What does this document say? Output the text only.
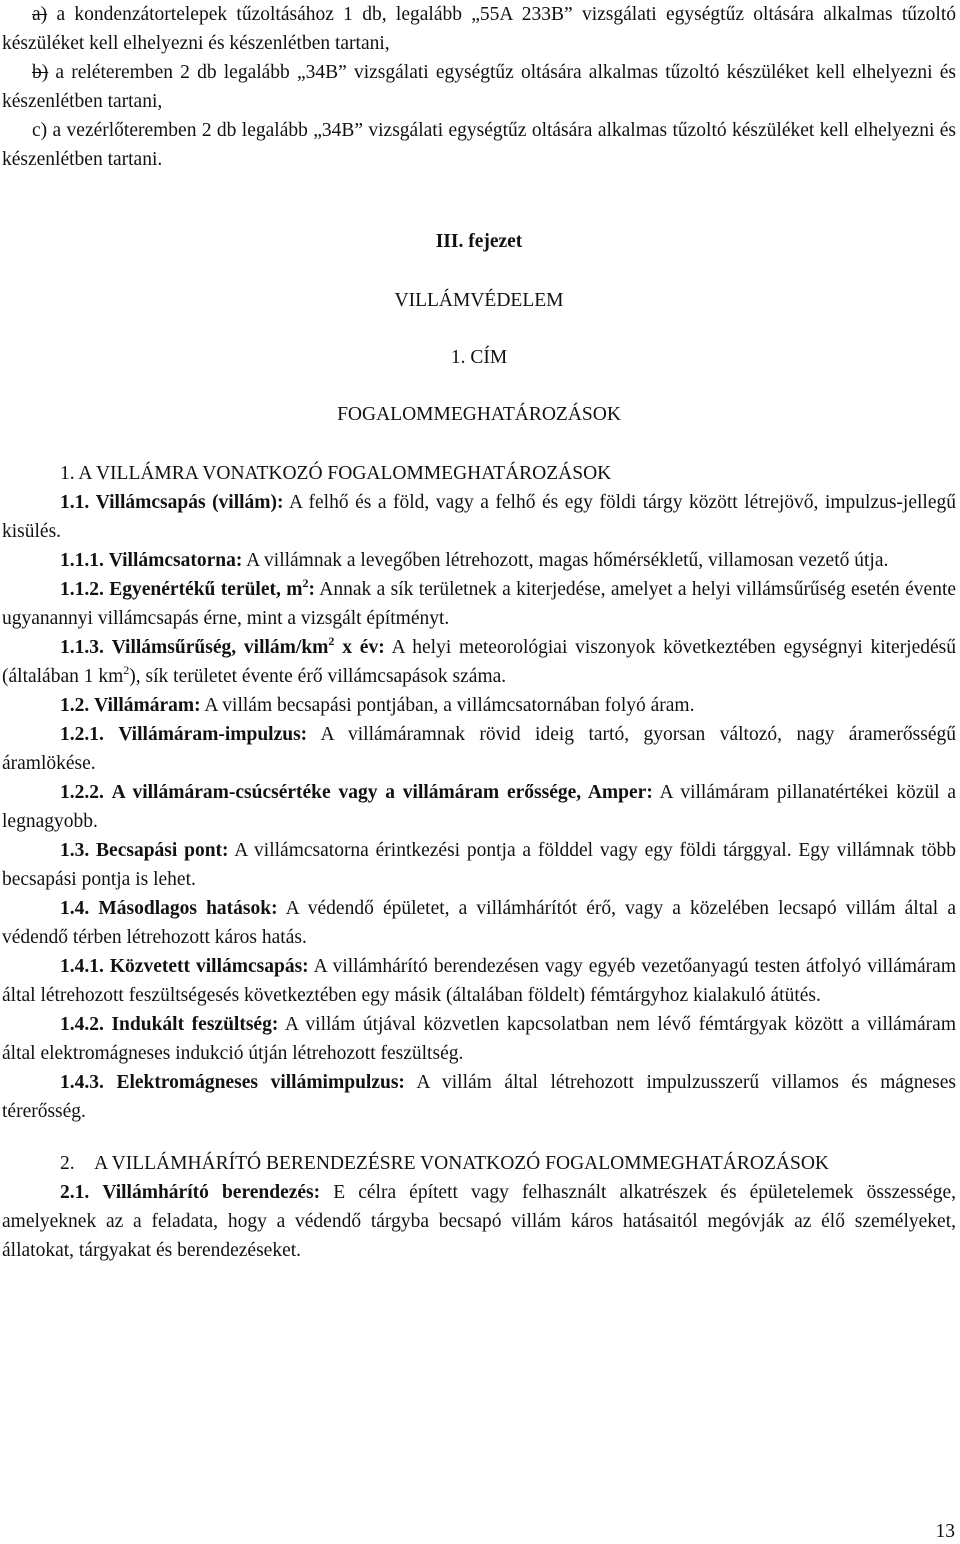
a) a kondenzátortelepek tűzoltásához 1 db, legalább „55A 233B” vizsgálati egységtűz oltására alkalmas tűzoltó készüléket kell elhelyezni és készenlétben tartani,

b) a reléteremben 2 db legalább „34B” vizsgálati egységtűz oltására alkalmas tűzoltó készüléket kell elhelyezni és készenlétben tartani,

c) a vezérlőteremben 2 db legalább „34B” vizsgálati egységtűz oltására alkalmas tűzoltó készüléket kell elhelyezni és készenlétben tartani.

III. fejezet

VILLÁMVÉDELEM

1. CÍM

FOGALOMMEGHATÁROZÁSOK

1. A VILLÁMRA VONATKOZÓ FOGALOMMEGHATÁROZÁSOK

1.1. Villámcsapás (villám): A felhő és a föld, vagy a felhő és egy földi tárgy között létrejövő, impulzus-jellegű kisülés.

1.1.1. Villámcsatorna: A villámnak a levegőben létrehozott, magas hőmérsékletű, villamosan vezető útja.

1.1.2. Egyenértékű terület, $m^2$: Annak a sík területnek a kiterjedése, amelyet a helyi villámsűrűség esetén évente ugyanannyi villámcsapás érne, mint a vizsgált építményt.

1.1.3. Villámsűrűség, villám/$km^2$ x év: A helyi meteorológiai viszonyok következtében egységnyi kiterjedésű (általában 1 $km^2$), sík területet évente érő villámcsapások száma.

1.2. Villámáram: A villám becsapási pontjában, a villámcsatornában folyó áram.

1.2.1. Villámáram-impulzus: A villámáramnak rövid ideig tartó, gyorsan változó, nagy áramerősségű áramlökése.

1.2.2. A villámáram-csúcsértéke vagy a villámáram erőssége, Amper: A villámáram pillanatértékei közül a legnagyobb.

1.3. Becsapási pont: A villámcsatorna érintkezési pontja a földdel vagy egy földi tárggyal. Egy villámnak több becsapási pontja is lehet.

1.4. Másodlagos hatások: A védendő épületet, a villámhárítót érő, vagy a közelében lecsapó villám által a védendő térben létrehozott káros hatás.

1.4.1. Közvetett villámcsapás: A villámhárító berendezésen vagy egyéb vezetőanyagú testen átfolyó villámáram által létrehozott feszültségesés következtében egy másik (általában földelt) fémtárgyhoz kialakuló átütés.

1.4.2. Indukált feszültség: A villám útjával közvetlen kapcsolatban nem lévő fémtárgyak között a villámáram által elektromágneses indukció útján létrehozott feszültség.

1.4.3. Elektromágneses villámimpulzus: A villám által létrehozott impulzusszerű villamos és mágneses térerősség.

2. A VILLÁMHÁRÍTÓ BERENDEZÉSRE VONATKOZÓ FOGALOMMEGHATÁROZÁSOK

2.1. Villámhárító berendezés: E célra épített vagy felhasznált alkatrészek és épületelemek összessége, amelyeknek az a feladata, hogy a védendő tárgyba becsapó villám káros hatásaitól megóvják az élő személyeket, állatokat, tárgyakat és berendezéseket.

13
